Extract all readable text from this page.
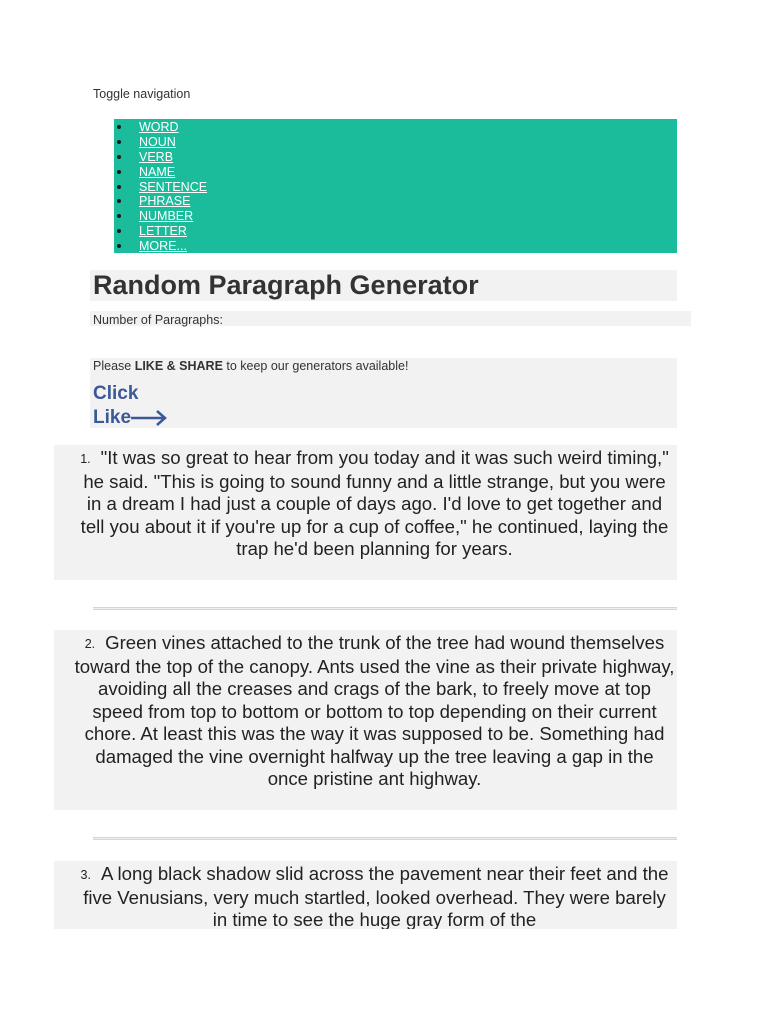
Toggle navigation
WORD
NOUN
VERB
NAME
SENTENCE
PHRASE
NUMBER
LETTER
MORE...
Random Paragraph Generator
Number of Paragraphs:
Please LIKE & SHARE to keep our generators available!
Click
Like
1. "It was so great to hear from you today and it was such weird timing," he said. "This is going to sound funny and a little strange, but you were in a dream I had just a couple of days ago. I'd love to get together and tell you about it if you're up for a cup of coffee," he continued, laying the trap he'd been planning for years.
2. Green vines attached to the trunk of the tree had wound themselves toward the top of the canopy. Ants used the vine as their private highway, avoiding all the creases and crags of the bark, to freely move at top speed from top to bottom or bottom to top depending on their current chore. At least this was the way it was supposed to be. Something had damaged the vine overnight halfway up the tree leaving a gap in the once pristine ant highway.
3. A long black shadow slid across the pavement near their feet and the five Venusians, very much startled, looked overhead. They were barely in time to see the huge gray form of the
